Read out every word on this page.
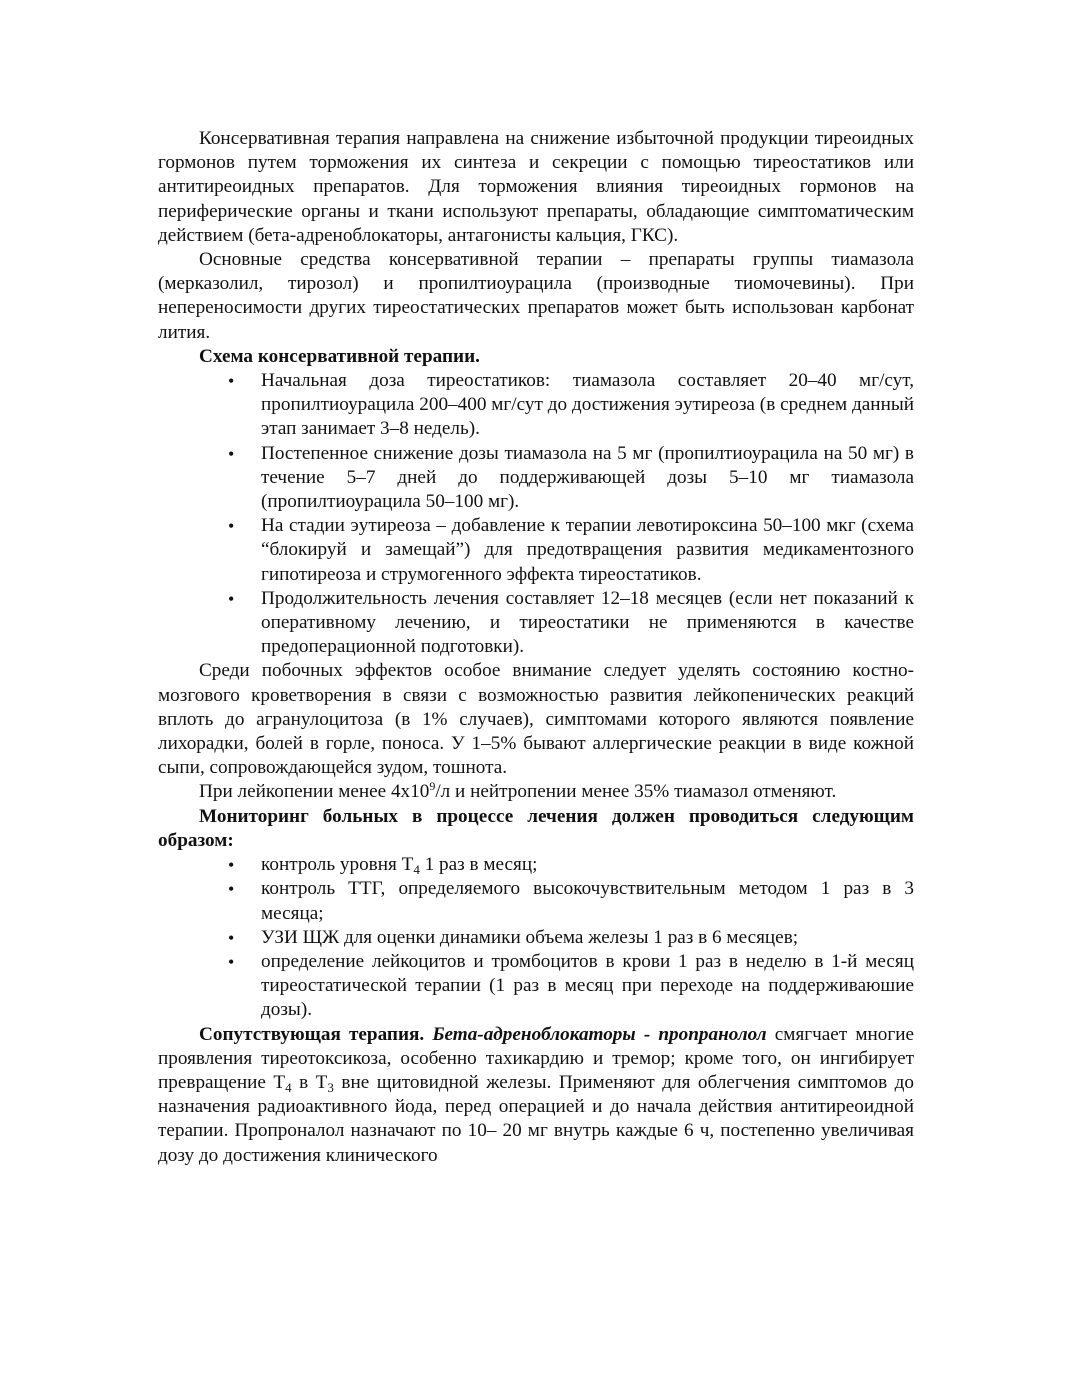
Консервативная терапия направлена на снижение избыточной продукции тиреоидных гормонов путем торможения их синтеза и секреции с помощью тиреостатиков или антитиреоидных препаратов. Для торможения влияния тиреоидных гормонов на периферические органы и ткани используют препараты, обладающие симптоматическим действием (бета-адреноблокаторы, антагонисты кальция, ГКС).

Основные средства консервативной терапии – препараты группы тиамазола (мерказолил, тирозол) и пропилтиоурацила (производные тиомочевины). При непереносимости других тиреостатических препаратов может быть использован карбонат лития.

Схема консервативной терапии.

• Начальная доза тиреостатиков: тиамазола составляет 20–40 мг/сут, пропилтиоурацила 200–400 мг/сут до достижения эутиреоза (в среднем данный этап занимает 3–8 недель).
• Постепенное снижение дозы тиамазола на 5 мг (пропилтиоурацила на 50 мг) в течение 5–7 дней до поддерживающей дозы 5–10 мг тиамазола (пропилтиоурацила 50–100 мг).
• На стадии эутиреоза – добавление к терапии левотироксина 50–100 мкг (схема “блокируй и замещай”) для предотвращения развития медикаментозного гипотиреоза и струмогенного эффекта тиреостатиков.
• Продолжительность лечения составляет 12–18 месяцев (если нет показаний к оперативному лечению, и тиреостатики не применяются в качестве предоперационной подготовки).

Среди побочных эффектов особое внимание следует уделять состоянию костно-мозгового кроветворения в связи с возможностью развития лейкопенических реакций вплоть до агранулоцитоза (в 1% случаев), симптомами которого являются появление лихорадки, болей в горле, поноса. У 1–5% бывают аллергические реакции в виде кожной сыпи, сопровождающейся зудом, тошнота.

При лейкопении менее $4х10^9/л$ и нейтропении менее 35% тиамазол отменяют.

Мониторинг больных в процессе лечения должен проводиться следующим образом:

• контроль уровня $Т_4$ 1 раз в месяц;
• контроль ТТГ, определяемого высокочувствительным методом 1 раз в 3 месяца;
• УЗИ ЩЖ для оценки динамики объема железы 1 раз в 6 месяцев;
• определение лейкоцитов и тромбоцитов в крови 1 раз в неделю в 1-й месяц тиреостатической терапии (1 раз в месяц при переходе на поддерживаюшие дозы).

Сопутствующая терапия. Бета-адреноблокаторы - пропранолол смягчает многие проявления тиреотоксикоза, особенно тахикардию и тремор; кроме того, он ингибирует превращение $Т_4$ в $Т_3$ вне щитовидной железы. Применяют для облегчения симптомов до назначения радиоактивного йода, перед операцией и до начала действия антитиреоидной терапии. Пропроналол назначают по 10– 20 мг внутрь каждые 6 ч, постепенно увеличивая дозу до достижения клинического
